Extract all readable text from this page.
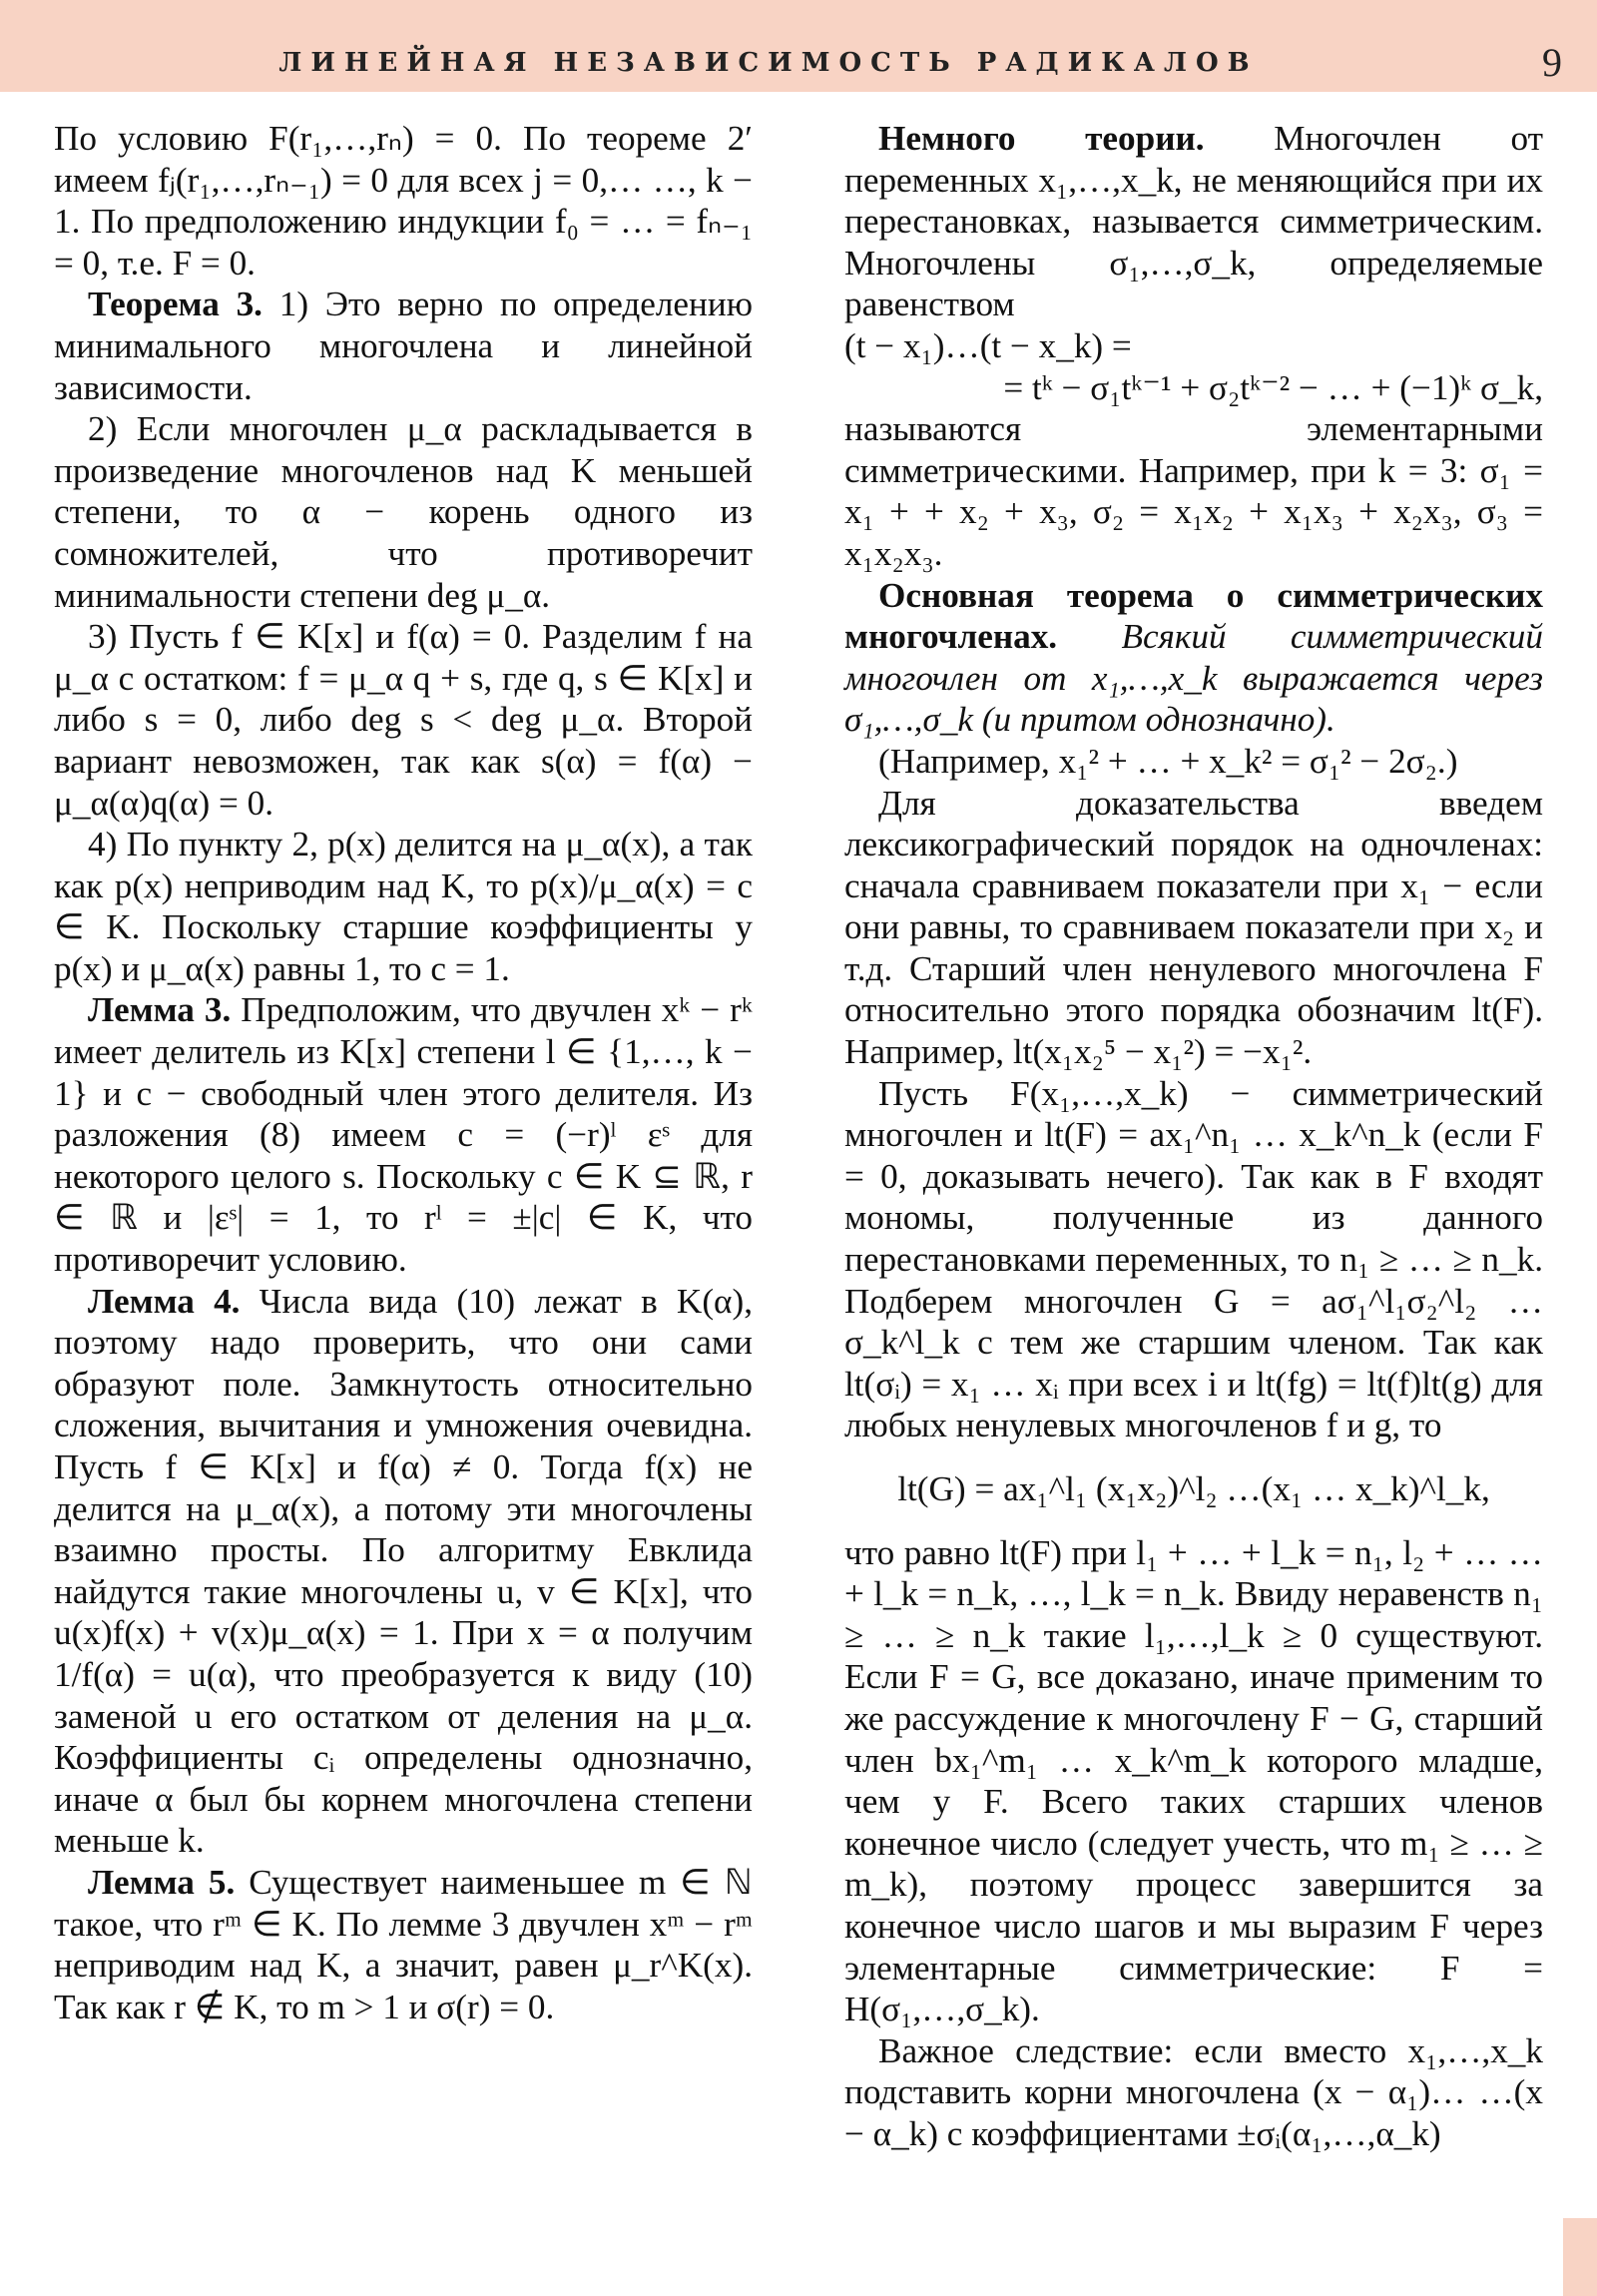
ЛИНЕЙНАЯ НЕЗАВИСИМОСТЬ РАДИКАЛОВ	9

По условию F(r₁,…,rₙ) = 0. По теореме 2′ имеем fⱼ(r₁,…,rₙ₋₁) = 0 для всех j = 0,… …, k − 1. По предположению индукции f₀ = … = fₙ₋₁ = 0, т.е. F = 0.

Теорема 3. 1) Это верно по определению минимального многочлена и линейной зависимости.

2) Если многочлен μ_α раскладывается в произведение многочленов над K меньшей степени, то α − корень одного из сомножителей, что противоречит минимальности степени deg μ_α.

3) Пусть f ∈ K[x] и f(α) = 0. Разделим f на μ_α с остатком: f = μ_α q + s, где q, s ∈ K[x] и либо s = 0, либо deg s < deg μ_α. Второй вариант невозможен, так как s(α) = f(α) − μ_α(α)q(α) = 0.

4) По пункту 2, p(x) делится на μ_α(x), а так как p(x) неприводим над K, то p(x)/μ_α(x) = c ∈ K. Поскольку старшие коэффициенты у p(x) и μ_α(x) равны 1, то c = 1.

Лемма 3. Предположим, что двучлен xᵏ − rᵏ имеет делитель из K[x] степени l ∈ {1,…, k − 1} и c − свободный член этого делителя. Из разложения (8) имеем c = (−r)ˡ εˢ для некоторого целого s. Поскольку c ∈ K ⊆ ℝ, r ∈ ℝ и |εˢ| = 1, то rˡ = ±|c| ∈ K, что противоречит условию.

Лемма 4. Числа вида (10) лежат в K(α), поэтому надо проверить, что они сами образуют поле. Замкнутость относительно сложения, вычитания и умножения очевидна. Пусть f ∈ K[x] и f(α) ≠ 0. Тогда f(x) не делится на μ_α(x), а потому эти многочлены взаимно просты. По алгоритму Евклида найдутся такие многочлены u, v ∈ K[x], что u(x)f(x) + v(x)μ_α(x) = 1. При x = α получим 1/f(α) = u(α), что преобразуется к виду (10) заменой u его остатком от деления на μ_α. Коэффициенты cᵢ определены однозначно, иначе α был бы корнем многочлена степени меньше k.

Лемма 5. Существует наименьшее m ∈ ℕ такое, что rᵐ ∈ K. По лемме 3 двучлен xᵐ − rᵐ неприводим над K, а значит, равен μ_r^K(x). Так как r ∉ K, то m > 1 и σ(r) = 0.

Немного теории. Многочлен от переменных x₁,…,x_k, не меняющийся при их перестановках, называется симметрическим. Многочлены σ₁,…,σ_k, определяемые равенством

(t − x₁)…(t − x_k) =

= tᵏ − σ₁tᵏ⁻¹ + σ₂tᵏ⁻² − … + (−1)ᵏ σ_k,

называются элементарными симметрическими. Например, при k = 3: σ₁ = x₁ + + x₂ + x₃, σ₂ = x₁x₂ + x₁x₃ + x₂x₃, σ₃ = x₁x₂x₃.

Основная теорема о симметрических многочленах. Всякий симметрический многочлен от x₁,…,x_k выражается через σ₁,…,σ_k (и притом однозначно).

(Например, x₁² + … + x_k² = σ₁² − 2σ₂.)

Для доказательства введем лексикографический порядок на одночленах: сначала сравниваем показатели при x₁ − если они равны, то сравниваем показатели при x₂ и т.д. Старший член ненулевого многочлена F относительно этого порядка обозначим lt(F). Например, lt(x₁x₂⁵ − x₁²) = −x₁².

Пусть F(x₁,…,x_k) − симметрический многочлен и lt(F) = ax₁^n₁ … x_k^n_k (если F = 0, доказывать нечего). Так как в F входят мономы, полученные из данного перестановками переменных, то n₁ ≥ … ≥ n_k. Подберем многочлен G = aσ₁^l₁σ₂^l₂ … σ_k^l_k с тем же старшим членом. Так как lt(σᵢ) = x₁ … xᵢ при всех i и lt(fg) = lt(f)lt(g) для любых ненулевых многочленов f и g, то

lt(G) = ax₁^l₁ (x₁x₂)^l₂ …(x₁ … x_k)^l_k,

что равно lt(F) при l₁ + … + l_k = n₁, l₂ + … … + l_k = n_k, …, l_k = n_k. Ввиду неравенств n₁ ≥ … ≥ n_k такие l₁,…,l_k ≥ 0 существуют. Если F = G, все доказано, иначе применим то же рассуждение к многочлену F − G, старший член bx₁^m₁ … x_k^m_k которого младше, чем у F. Всего таких старших членов конечное число (следует учесть, что m₁ ≥ … ≥ m_k), поэтому процесс завершится за конечное число шагов и мы выразим F через элементарные симметрические: F = H(σ₁,…,σ_k).

Важное следствие: если вместо x₁,…,x_k подставить корни многочлена (x − α₁)… …(x − α_k) с коэффициентами ±σᵢ(α₁,…,α_k)
